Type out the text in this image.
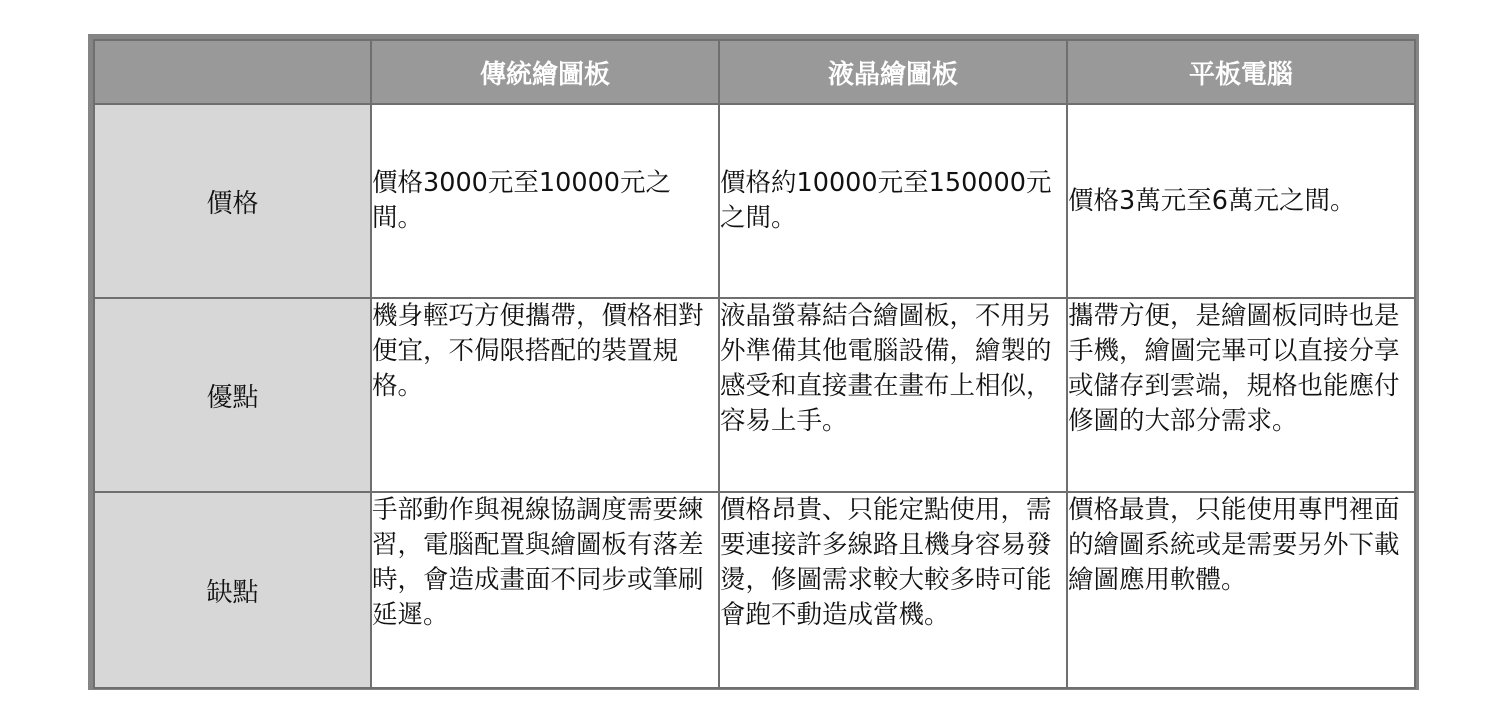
	傳統繪圖板	液晶繪圖板	平板電腦
價格	價格3000元至10000元之間。	價格約10000元至150000元之間。	價格3萬元至6萬元之間。
優點	機身輕巧方便攜帶，價格相對便宜，不侷限搭配的裝置規格。	液晶螢幕結合繪圖板，不用另外準備其他電腦設備，繪製的感受和直接畫在畫布上相似，容易上手。	攜帶方便，是繪圖板同時也是手機，繪圖完畢可以直接分享或儲存到雲端，規格也能應付修圖的大部分需求。
缺點	手部動作與視線協調度需要練習，電腦配置與繪圖板有落差時，會造成畫面不同步或筆刷延遲。	價格昂貴、只能定點使用，需要連接許多線路且機身容易發燙，修圖需求較大較多時可能會跑不動造成當機。	價格最貴，只能使用專門裡面的繪圖系統或是需要另外下載繪圖應用軟體。
